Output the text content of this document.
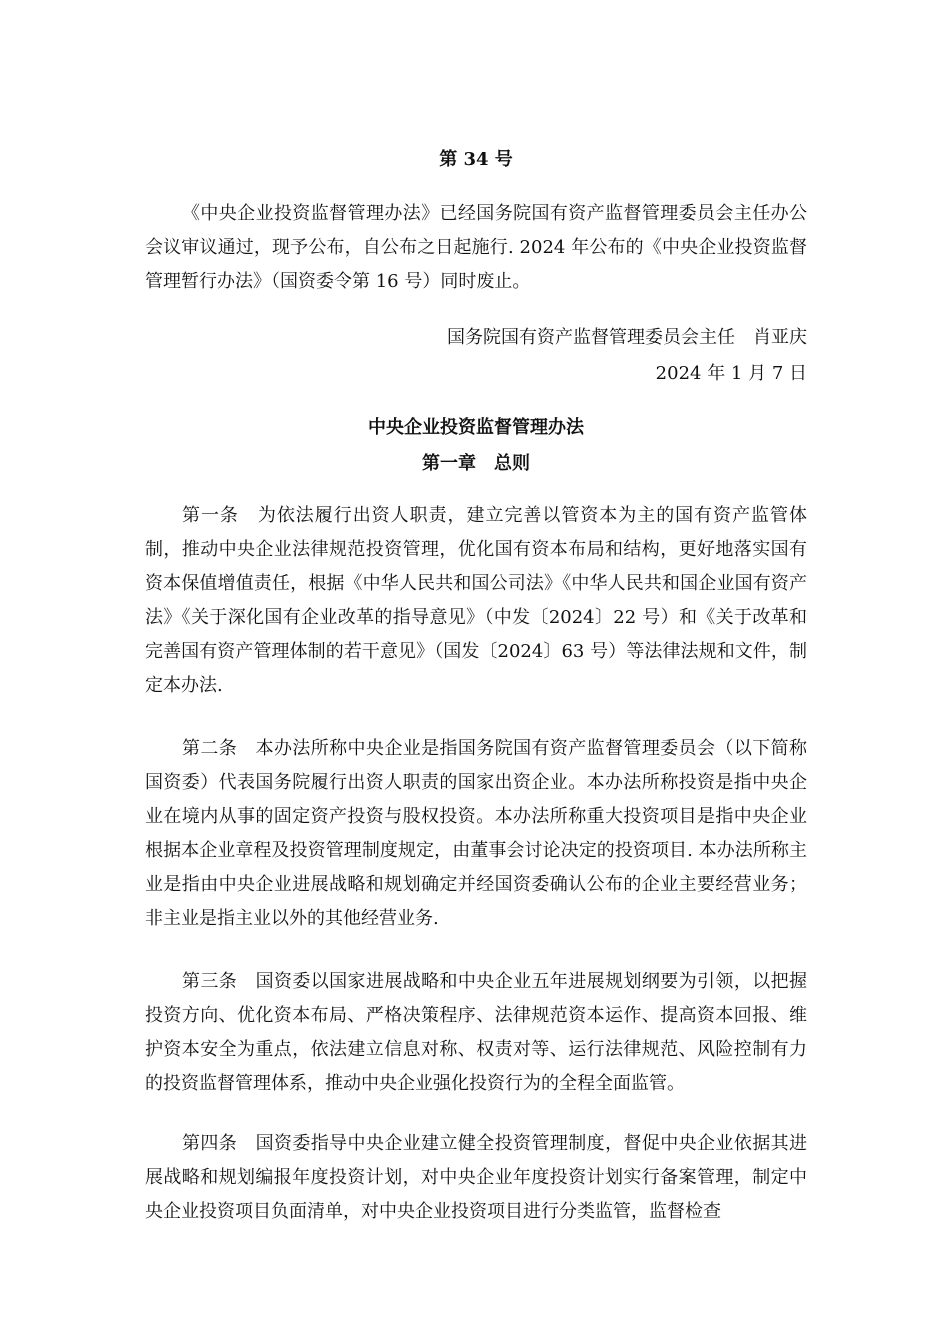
第 34 号

《中央企业投资监督管理办法》已经国务院国有资产监督管理委员会主任办公会议审议通过，现予公布，自公布之日起施行. 2024 年公布的《中央企业投资监督管理暂行办法》（国资委令第 16 号）同时废止。

国务院国有资产监督管理委员会主任 肖亚庆
2024 年 1 月 7 日
中央企业投资监督管理办法
第一章 总则

第一条 为依法履行出资人职责，建立完善以管资本为主的国有资产监管体制，推动中央企业法律规范投资管理，优化国有资本布局和结构，更好地落实国有资本保值增值责任，根据《中华人民共和国公司法》《中华人民共和国企业国有资产法》《关于深化国有企业改革的指导意见》（中发〔2024〕22 号）和《关于改革和完善国有资产管理体制的若干意见》（国发〔2024〕63 号）等法律法规和文件，制定本办法.

第二条 本办法所称中央企业是指国务院国有资产监督管理委员会（以下简称国资委）代表国务院履行出资人职责的国家出资企业。本办法所称投资是指中央企业在境内从事的固定资产投资与股权投资。本办法所称重大投资项目是指中央企业根据本企业章程及投资管理制度规定，由董事会讨论决定的投资项目. 本办法所称主业是指由中央企业进展战略和规划确定并经国资委确认公布的企业主要经营业务；非主业是指主业以外的其他经营业务.

第三条 国资委以国家进展战略和中央企业五年进展规划纲要为引领，以把握投资方向、优化资本布局、严格决策程序、法律规范资本运作、提高资本回报、维护资本安全为重点，依法建立信息对称、权责对等、运行法律规范、风险控制有力的投资监督管理体系，推动中央企业强化投资行为的全程全面监管。

第四条 国资委指导中央企业建立健全投资管理制度，督促中央企业依据其进展战略和规划编报年度投资计划，对中央企业年度投资计划实行备案管理，制定中央企业投资项目负面清单，对中央企业投资项目进行分类监管，监督检查
